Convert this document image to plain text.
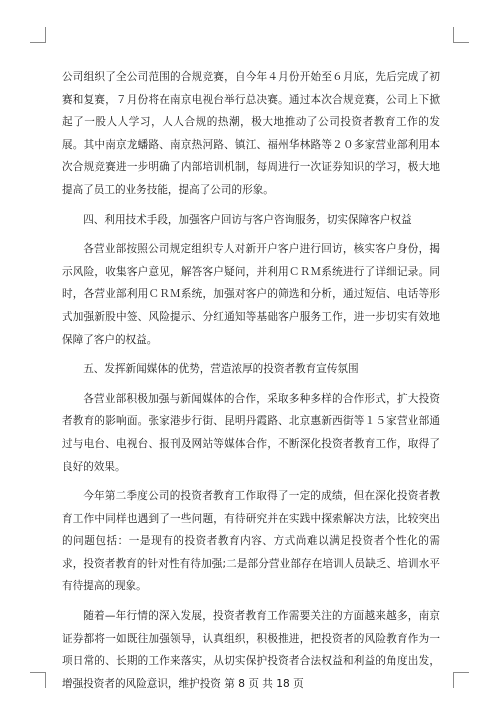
公司组织了全公司范围的合规竞赛，自今年４月份开始至６月底，先后完成了初赛和复赛，７月份将在南京电视台举行总决赛。通过本次合规竞赛，公司上下掀起了一股人人学习，人人合规的热潮，极大地推动了公司投资者教育工作的发展。其中南京龙蟠路、南京热河路、镇江、福州华林路等２０多家营业部利用本次合规竞赛进一步明确了内部培训机制，每周进行一次证券知识的学习，极大地提高了员工的业务技能，提高了公司的形象。

四、利用技术手段，加强客户回访与客户咨询服务，切实保障客户权益

各营业部按照公司规定组织专人对新开户客户进行回访，核实客户身份，揭示风险，收集客户意见，解答客户疑问，并利用ＣＲＭ系统进行了详细记录。同时，各营业部利用ＣＲＭ系统，加强对客户的筛选和分析，通过短信、电话等形式加强新股中签、风险提示、分红通知等基础客户服务工作，进一步切实有效地保障了客户的权益。

五、发挥新闻媒体的优势，营造浓厚的投资者教育宣传氛围

各营业部积极加强与新闻媒体的合作，采取多种多样的合作形式，扩大投资者教育的影响面。张家港步行街、昆明丹霞路、北京惠新西街等１５家营业部通过与电台、电视台、报刊及网站等媒体合作，不断深化投资者教育工作，取得了良好的效果。

今年第二季度公司的投资者教育工作取得了一定的成绩，但在深化投资者教育工作中同样也遇到了一些问题，有待研究并在实践中探索解决方法，比较突出的问题包括：一是现有的投资者教育内容、方式尚难以满足投资者个性化的需求，投资者教育的针对性有待加强;二是部分营业部存在培训人员缺乏、培训水平有待提高的现象。

随着—年行情的深入发展，投资者教育工作需要关注的方面越来越多，南京证券都将一如既往加强领导，认真组织，积极推进，把投资者的风险教育作为一项日常的、长期的工作来落实，从切实保护投资者合法权益和利益的角度出发，增强投资者的风险意识，维护投资 第 8 页 共 18 页
